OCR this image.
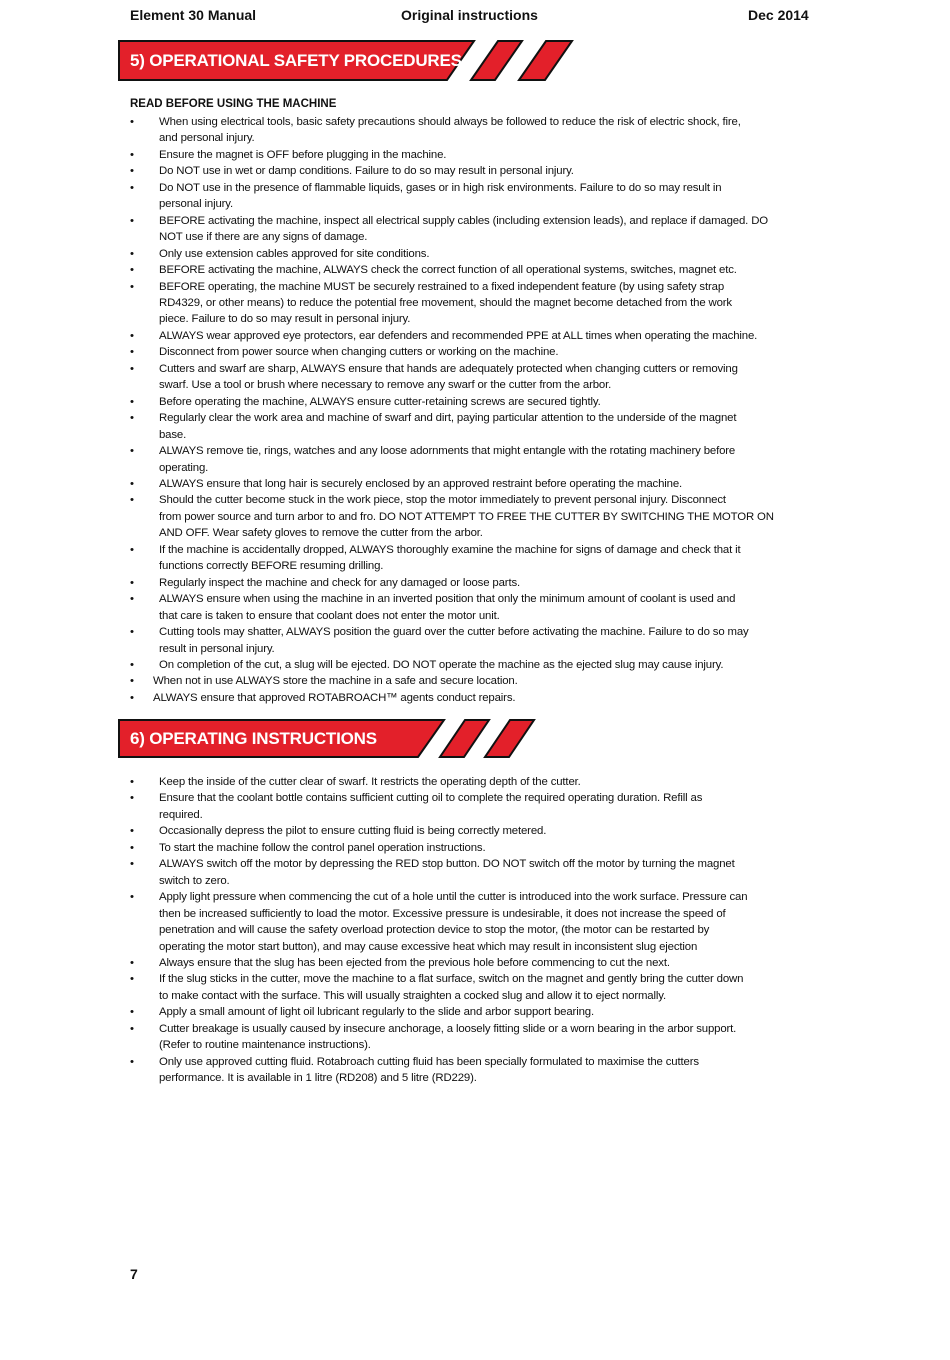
Element 30 Manual	Original instructions	Dec 2014
5) OPERATIONAL SAFETY PROCEDURES
READ BEFORE USING THE MACHINE
• When using electrical tools, basic safety precautions should always be followed to reduce the risk of electric shock, fire,
and personal injury.
• Ensure the magnet is OFF before plugging in the machine.
• Do NOT use in wet or damp conditions. Failure to do so may result in personal injury.
• Do NOT use in the presence of flammable liquids, gases or in high risk environments. Failure to do so may result in
personal injury.
• BEFORE activating the machine, inspect all electrical supply cables (including extension leads), and replace if damaged. DO
NOT use if there are any signs of damage.
• Only use extension cables approved for site conditions.
• BEFORE activating the machine, ALWAYS check the correct function of all operational systems, switches, magnet etc.
• BEFORE operating, the machine MUST be securely restrained to a fixed independent feature (by using safety strap
RD4329, or other means) to reduce the potential free movement, should the magnet become detached from the work
piece. Failure to do so may result in personal injury.
• ALWAYS wear approved eye protectors, ear defenders and recommended PPE at ALL times when operating the machine.
• Disconnect from power source when changing cutters or working on the machine.
• Cutters and swarf are sharp, ALWAYS ensure that hands are adequately protected when changing cutters or removing
swarf. Use a tool or brush where necessary to remove any swarf or the cutter from the arbor.
• Before operating the machine, ALWAYS ensure cutter-retaining screws are secured tightly.
• Regularly clear the work area and machine of swarf and dirt, paying particular attention to the underside of the magnet
base.
• ALWAYS remove tie, rings, watches and any loose adornments that might entangle with the rotating machinery before
operating.
• ALWAYS ensure that long hair is securely enclosed by an approved restraint before operating the machine.
• Should the cutter become stuck in the work piece, stop the motor immediately to prevent personal injury. Disconnect
from power source and turn arbor to and fro. DO NOT ATTEMPT TO FREE THE CUTTER BY SWITCHING THE MOTOR ON
AND OFF. Wear safety gloves to remove the cutter from the arbor.
• If the machine is accidentally dropped, ALWAYS thoroughly examine the machine for signs of damage and check that it
functions correctly BEFORE resuming drilling.
• Regularly inspect the machine and check for any damaged or loose parts.
• ALWAYS ensure when using the machine in an inverted position that only the minimum amount of coolant is used and
that care is taken to ensure that coolant does not enter the motor unit.
• Cutting tools may shatter, ALWAYS position the guard over the cutter before activating the machine. Failure to do so may
result in personal injury.
• On completion of the cut, a slug will be ejected. DO NOT operate the machine as the ejected slug may cause injury.
• When not in use ALWAYS store the machine in a safe and secure location.
• ALWAYS ensure that approved ROTABROACH™ agents conduct repairs.
6) OPERATING INSTRUCTIONS
• Keep the inside of the cutter clear of swarf. It restricts the operating depth of the cutter.
• Ensure that the coolant bottle contains sufficient cutting oil to complete the required operating duration. Refill as
required.
• Occasionally depress the pilot to ensure cutting fluid is being correctly metered.
• To start the machine follow the control panel operation instructions.
• ALWAYS switch off the motor by depressing the RED stop button. DO NOT switch off the motor by turning the magnet
switch to zero.
• Apply light pressure when commencing the cut of a hole until the cutter is introduced into the work surface. Pressure can
then be increased sufficiently to load the motor. Excessive pressure is undesirable, it does not increase the speed of
penetration and will cause the safety overload protection device to stop the motor, (the motor can be restarted by
operating the motor start button), and may cause excessive heat which may result in inconsistent slug ejection
• Always ensure that the slug has been ejected from the previous hole before commencing to cut the next.
• If the slug sticks in the cutter, move the machine to a flat surface, switch on the magnet and gently bring the cutter down
to make contact with the surface. This will usually straighten a cocked slug and allow it to eject normally.
• Apply a small amount of light oil lubricant regularly to the slide and arbor support bearing.
• Cutter breakage is usually caused by insecure anchorage, a loosely fitting slide or a worn bearing in the arbor support.
(Refer to routine maintenance instructions).
• Only use approved cutting fluid. Rotabroach cutting fluid has been specially formulated to maximise the cutters
performance. It is available in 1 litre (RD208) and 5 litre (RD229).
7
